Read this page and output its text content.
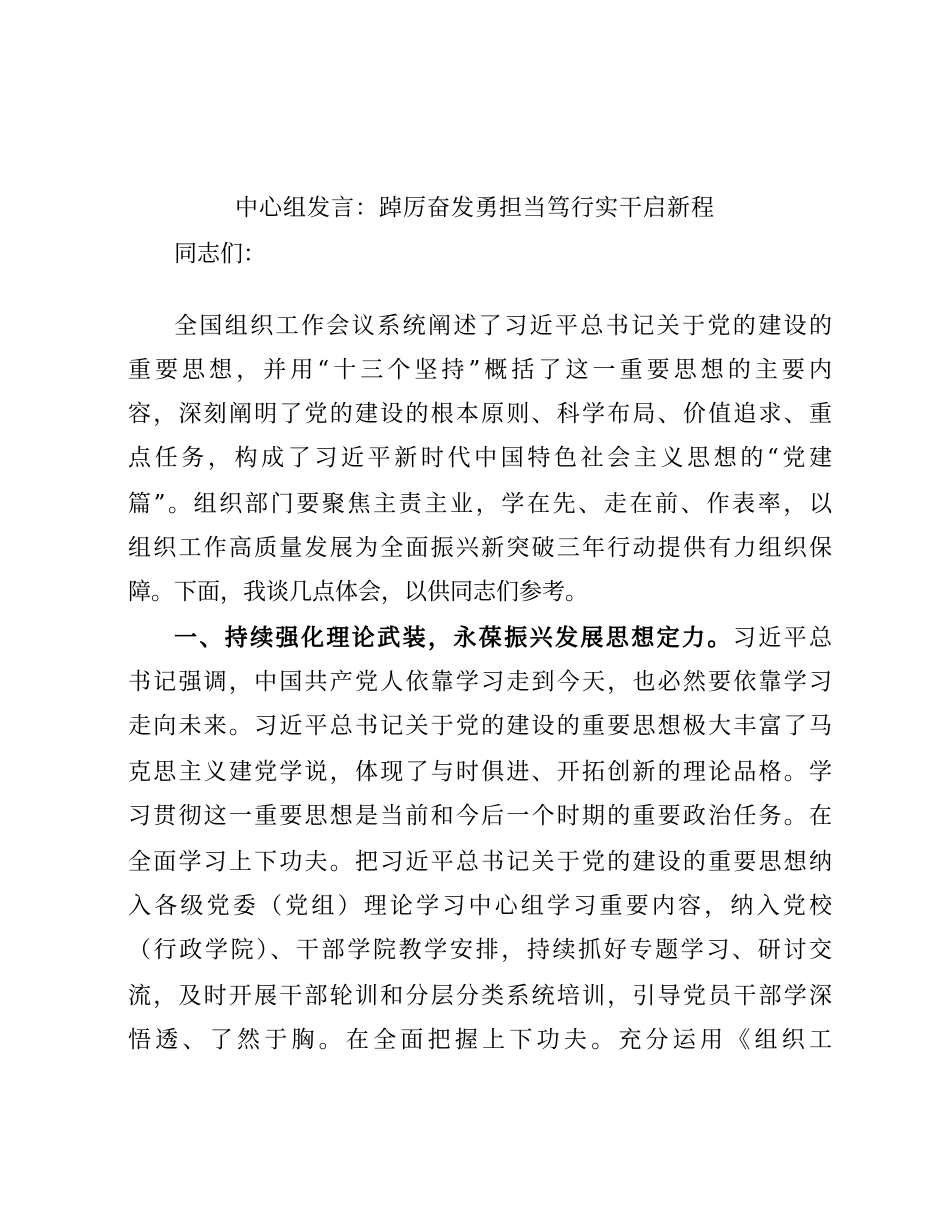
中心组发言：踔厉奋发勇担当笃行实干启新程

同志们：

全国组织工作会议系统阐述了习近平总书记关于党的建设的

重要思想，并用“十三个坚持”概括了这一重要思想的主要内

容，深刻阐明了党的建设的根本原则、科学布局、价值追求、重

点任务，构成了习近平新时代中国特色社会主义思想的“党建

篇”。组织部门要聚焦主责主业，学在先、走在前、作表率，以

组织工作高质量发展为全面振兴新突破三年行动提供有力组织保

障。下面，我谈几点体会，以供同志们参考。

一、持续强化理论武装，永葆振兴发展思想定力。习近平总

书记强调，中国共产党人依靠学习走到今天，也必然要依靠学习

走向未来。习近平总书记关于党的建设的重要思想极大丰富了马

克思主义建党学说，体现了与时俱进、开拓创新的理论品格。学

习贯彻这一重要思想是当前和今后一个时期的重要政治任务。在

全面学习上下功夫。把习近平总书记关于党的建设的重要思想纳

入各级党委（党组）理论学习中心组学习重要内容，纳入党校

（行政学院）、干部学院教学安排，持续抓好专题学习、研讨交

流，及时开展干部轮训和分层分类系统培训，引导党员干部学深

悟透、了然于胸。在全面把握上下功夫。充分运用《组织工
